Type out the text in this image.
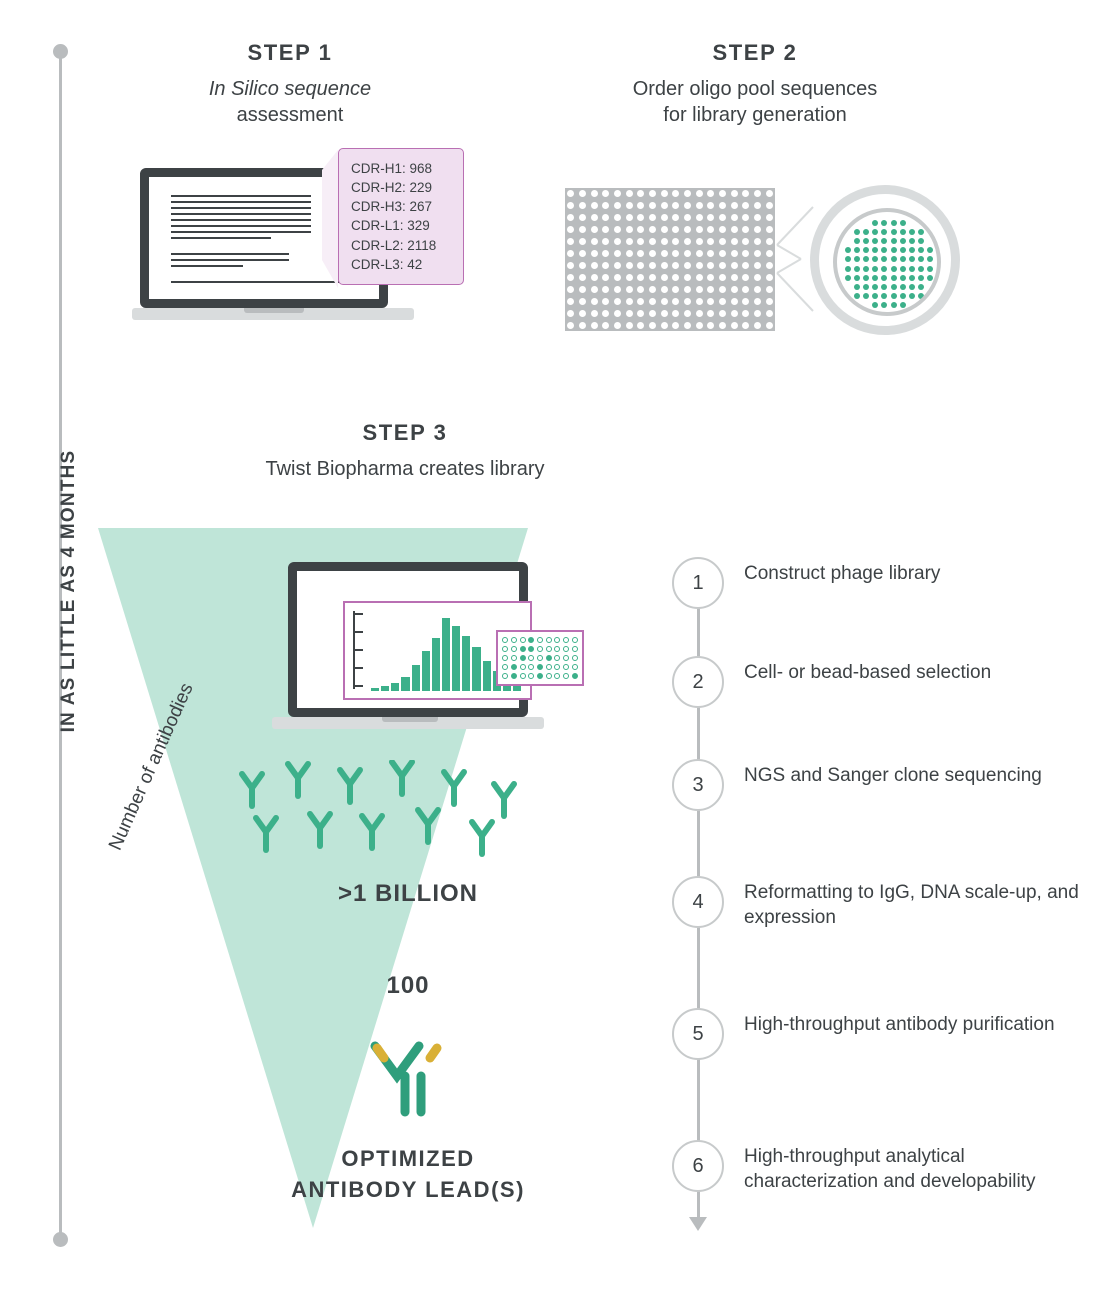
IN AS LITTLE AS 4 MONTHS
STEP 1
In Silico sequence
assessment
CDR-H1: 968
CDR-H2: 229
CDR-H3: 267
CDR-L1: 329
CDR-L2: 2118
CDR-L3: 42
STEP 2
Order oligo pool sequences
for library generation
STEP 3
Twist Biopharma creates library
Number of antibodies
>1 BILLION
100
OPTIMIZED
ANTIBODY LEAD(S)
1	Construct phage library
2	Cell- or bead-based selection
3	NGS and Sanger clone sequencing
4	Reformatting to IgG, DNA scale-up, and expression
5	High-throughput antibody purification
6	High-throughput analytical characterization and developability
